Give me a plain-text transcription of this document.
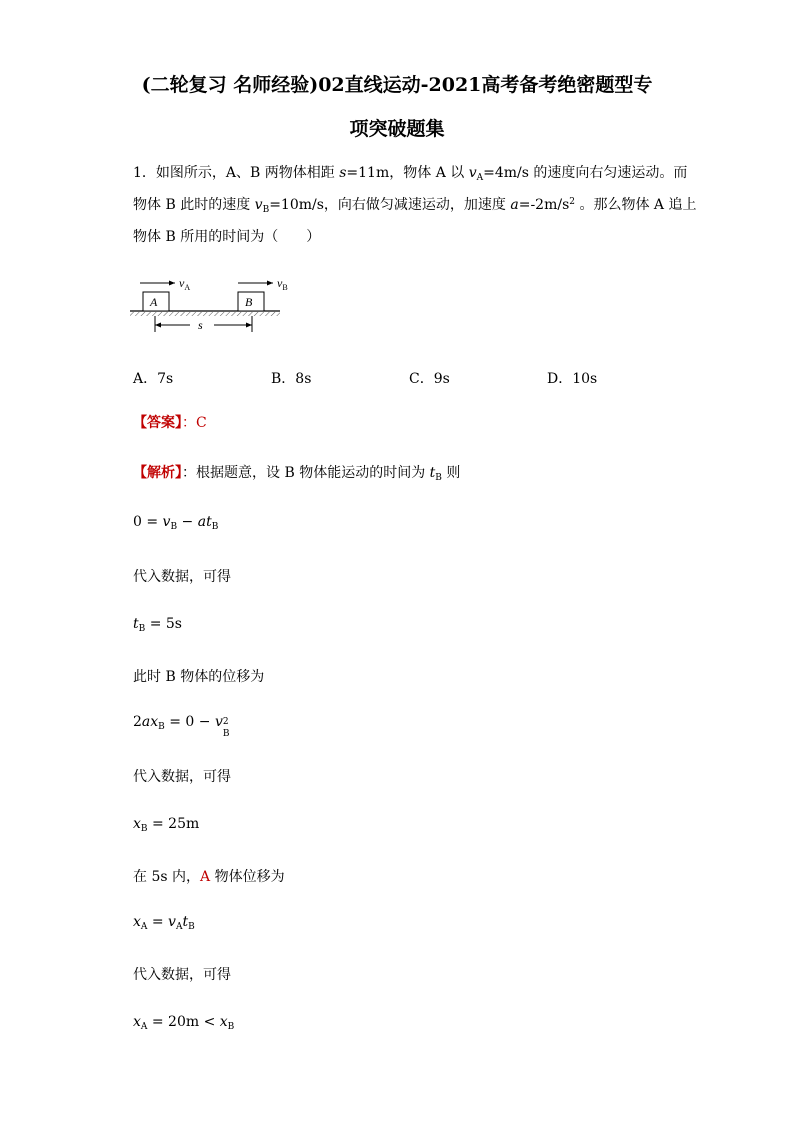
(二轮复习 名师经验)02直线运动-2021高考备考绝密题型专
项突破题集
1．如图所示，A、B 两物体相距 s=11m，物体 A 以 $v_A=4m/s$ 的速度向右匀速运动。而
物体 B 此时的速度 $v_B=10m/s$，向右做匀减速运动，加速度 $a=-2m/s^2$ 。那么物体 A 追上
物体 B 所用的时间为（　　）
A	B
$v_A$	$v_B$
s
A．7s	B．8s	C．9s	D．10s
【答案】：C
【解析】：根据题意，设 B 物体能运动的时间为 $t_B$ 则
$0 = v_B - at_B$
代入数据，可得
$t_B = 5s$
此时 B 物体的位移为
$2ax_B = 0 - v$ 2
B
代入数据，可得
$x_B = 25m$
在 5s 内，A 物体位移为
$x_A = v_At_B$
代入数据，可得
$x_A = 20m < x_B$
